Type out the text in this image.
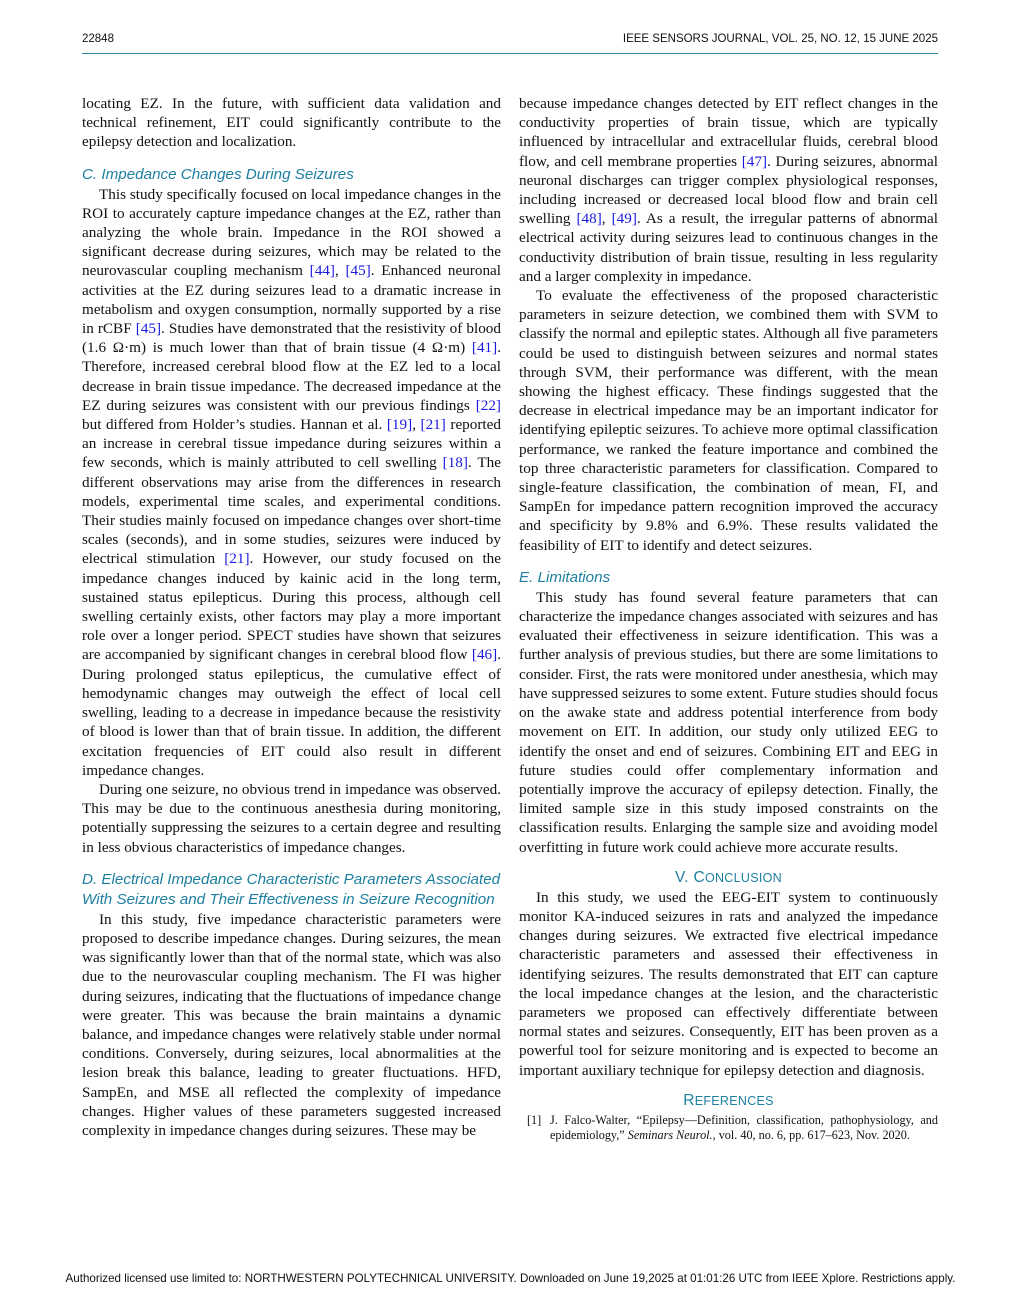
22848	IEEE SENSORS JOURNAL, VOL. 25, NO. 12, 15 JUNE 2025

locating EZ. In the future, with sufficient data validation and technical refinement, EIT could significantly contribute to the epilepsy detection and localization.

C. Impedance Changes During Seizures

This study specifically focused on local impedance changes in the ROI to accurately capture impedance changes at the EZ, rather than analyzing the whole brain. Impedance in the ROI showed a significant decrease during seizures, which may be related to the neurovascular coupling mechanism [44], [45]. Enhanced neuronal activities at the EZ during seizures lead to a dramatic increase in metabolism and oxygen consumption, normally supported by a rise in rCBF [45]. Studies have demonstrated that the resistivity of blood (1.6 Ω·m) is much lower than that of brain tissue (4 Ω·m) [41]. Therefore, increased cerebral blood flow at the EZ led to a local decrease in brain tissue impedance. The decreased impedance at the EZ during seizures was consistent with our previous findings [22] but differed from Holder’s studies. Hannan et al. [19], [21] reported an increase in cerebral tissue impedance during seizures within a few seconds, which is mainly attributed to cell swelling [18]. The different observations may arise from the differences in research models, experimental time scales, and experimental conditions. Their studies mainly focused on impedance changes over short-time scales (seconds), and in some studies, seizures were induced by electrical stimulation [21]. However, our study focused on the impedance changes induced by kainic acid in the long term, sustained status epilepticus. During this process, although cell swelling certainly exists, other factors may play a more important role over a longer period. SPECT studies have shown that seizures are accompanied by significant changes in cerebral blood flow [46]. During prolonged status epilepticus, the cumulative effect of hemodynamic changes may outweigh the effect of local cell swelling, leading to a decrease in impedance because the resistivity of blood is lower than that of brain tissue. In addition, the different excitation frequencies of EIT could also result in different impedance changes.

During one seizure, no obvious trend in impedance was observed. This may be due to the continuous anesthesia during monitoring, potentially suppressing the seizures to a certain degree and resulting in less obvious characteristics of impedance changes.

D. Electrical Impedance Characteristic Parameters Associated With Seizures and Their Effectiveness in Seizure Recognition

In this study, five impedance characteristic parameters were proposed to describe impedance changes. During seizures, the mean was significantly lower than that of the normal state, which was also due to the neurovascular coupling mechanism. The FI was higher during seizures, indicating that the fluctuations of impedance change were greater. This was because the brain maintains a dynamic balance, and impedance changes were relatively stable under normal conditions. Conversely, during seizures, local abnormalities at the lesion break this balance, leading to greater fluctuations. HFD, SampEn, and MSE all reflected the complexity of impedance changes. Higher values of these parameters suggested increased complexity in impedance changes during seizures. These may be

because impedance changes detected by EIT reflect changes in the conductivity properties of brain tissue, which are typically influenced by intracellular and extracellular fluids, cerebral blood flow, and cell membrane properties [47]. During seizures, abnormal neuronal discharges can trigger complex physiological responses, including increased or decreased local blood flow and brain cell swelling [48], [49]. As a result, the irregular patterns of abnormal electrical activity during seizures lead to continuous changes in the conductivity distribution of brain tissue, resulting in less regularity and a larger complexity in impedance.

To evaluate the effectiveness of the proposed characteristic parameters in seizure detection, we combined them with SVM to classify the normal and epileptic states. Although all five parameters could be used to distinguish between seizures and normal states through SVM, their performance was different, with the mean showing the highest efficacy. These findings suggested that the decrease in electrical impedance may be an important indicator for identifying epileptic seizures. To achieve more optimal classification performance, we ranked the feature importance and combined the top three characteristic parameters for classification. Compared to single-feature classification, the combination of mean, FI, and SampEn for impedance pattern recognition improved the accuracy and specificity by 9.8% and 6.9%. These results validated the feasibility of EIT to identify and detect seizures.

E. Limitations

This study has found several feature parameters that can characterize the impedance changes associated with seizures and has evaluated their effectiveness in seizure identification. This was a further analysis of previous studies, but there are some limitations to consider. First, the rats were monitored under anesthesia, which may have suppressed seizures to some extent. Future studies should focus on the awake state and address potential interference from body movement on EIT. In addition, our study only utilized EEG to identify the onset and end of seizures. Combining EIT and EEG in future studies could offer complementary information and potentially improve the accuracy of epilepsy detection. Finally, the limited sample size in this study imposed constraints on the classification results. Enlarging the sample size and avoiding model overfitting in future work could achieve more accurate results.

V. CONCLUSION

In this study, we used the EEG-EIT system to continuously monitor KA-induced seizures in rats and analyzed the impedance changes during seizures. We extracted five electrical impedance characteristic parameters and assessed their effectiveness in identifying seizures. The results demonstrated that EIT can capture the local impedance changes at the lesion, and the characteristic parameters we proposed can effectively differentiate between normal states and seizures. Consequently, EIT has been proven as a powerful tool for seizure monitoring and is expected to become an important auxiliary technique for epilepsy detection and diagnosis.

REFERENCES
[1] J. Falco-Walter, “Epilepsy—Definition, classification, pathophysiology, and epidemiology,” Seminars Neurol., vol. 40, no. 6, pp. 617–623, Nov. 2020.
Authorized licensed use limited to: NORTHWESTERN POLYTECHNICAL UNIVERSITY. Downloaded on June 19,2025 at 01:01:26 UTC from IEEE Xplore. Restrictions apply.
